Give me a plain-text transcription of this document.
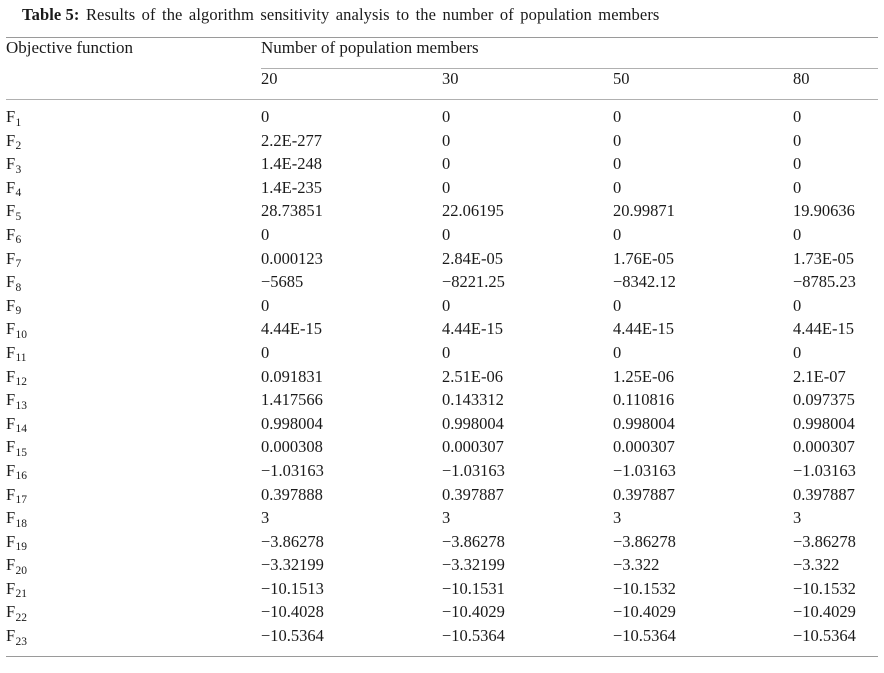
Table 5: Results of the algorithm sensitivity analysis to the number of population members
Objective function	Number of population members
	20	30	50	80
$F_1$	0	0	0	0
$F_2$	2.2E-277	0	0	0
$F_3$	1.4E-248	0	0	0
$F_4$	1.4E-235	0	0	0
$F_5$	28.73851	22.06195	20.99871	19.90636
$F_6$	0	0	0	0
$F_7$	0.000123	2.84E-05	1.76E-05	1.73E-05
$F_8$	−5685	−8221.25	−8342.12	−8785.23
$F_9$	0	0	0	0
$F_{10}$	4.44E-15	4.44E-15	4.44E-15	4.44E-15
$F_{11}$	0	0	0	0
$F_{12}$	0.091831	2.51E-06	1.25E-06	2.1E-07
$F_{13}$	1.417566	0.143312	0.110816	0.097375
$F_{14}$	0.998004	0.998004	0.998004	0.998004
$F_{15}$	0.000308	0.000307	0.000307	0.000307
$F_{16}$	−1.03163	−1.03163	−1.03163	−1.03163
$F_{17}$	0.397888	0.397887	0.397887	0.397887
$F_{18}$	3	3	3	3
$F_{19}$	−3.86278	−3.86278	−3.86278	−3.86278
$F_{20}$	−3.32199	−3.32199	−3.322	−3.322
$F_{21}$	−10.1513	−10.1531	−10.1532	−10.1532
$F_{22}$	−10.4028	−10.4029	−10.4029	−10.4029
$F_{23}$	−10.5364	−10.5364	−10.5364	−10.5364
